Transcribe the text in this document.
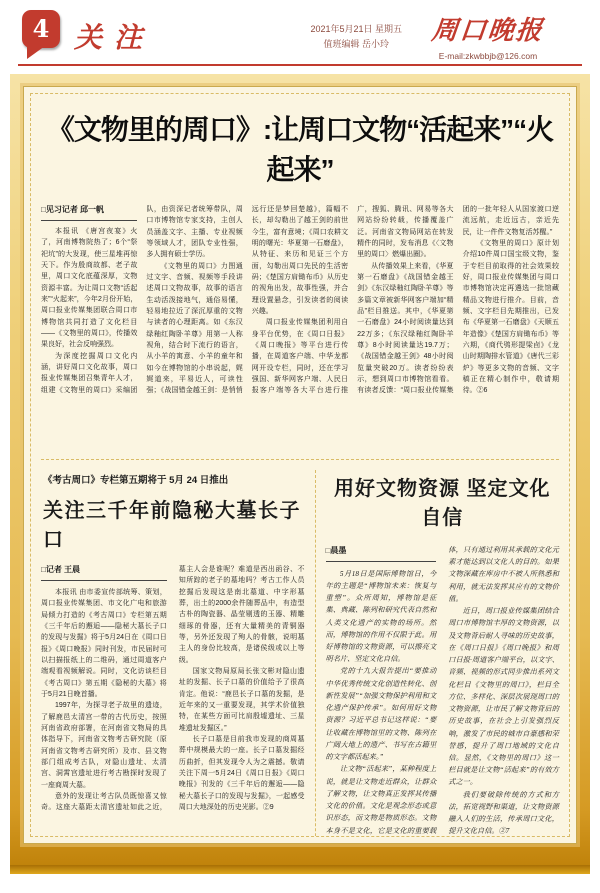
4 关注	2021年5月21日 星期五
值班编辑 岳小玲	周口晚报
E-mail:zkwbbjb@126.com
《文物里的周口》:让周口文物“活起来”“火起来”
□见习记者 邱一帆

本报讯 《唐宫夜宴》火了，河南博物院热了；6个“祭祀坑”的大发现，使三星堆再惊天下。作为殷商故都、老子故里，周口文化底蕴深厚，文物资源丰富。为让周口文物“活起来”“火起来”，今年2月份开始，周口报业传媒集团联合周口市博物馆共同打造了文化栏目——《文物里的周口》，传播效果良好，社会反响强烈。

为深度挖掘周口文化内涵，讲好周口文化故事，周口报业传媒集团召集青年人才，组建《文物里的周口》采编团队，由资深记者统筹带队，周口市博物馆专家支持，主创人员涵盖文字、主播、专业视频等领域人才，团队专业性强，多人拥有硕士学历。

《文物里的周口》力图通过文字、音频、视频等手段讲述周口文物故事，故事的语言生动活泼接地气，通俗易懂，轻易地拉近了深沉厚重的文物与读者的心理距离。如《东汉绿釉红陶卧羊尊》用第一人称视角，结合时下流行的语言，从小羊的寓意、小羊的童年和如今在博物馆的小串说起，娓娓道来，平易近人，可读性强；《战国错金越王剑：是悄悄远行还是梦回楚越》，篇幅不长，却勾勒出了越王剑的前世今生，富有意境；《周口农耕文明的曙光：华夏第一石磨盘》，从特征、来历和见证三个方面，勾勒出周口先民的生活密码；《楚国方肩锄布币》从历史的视角出发，故事性强，并合理设置悬念，引发读者的阅读兴趣。

周口报业传媒集团利用自身平台优势，在《周口日报》《周口晚报》等平台进行传播，在周道客户端、中华龙都网开设专栏，同时，还在学习强国、新华网客户端、人民日报客户端等各大平台进行推广，搜狐、腾讯、网易等各大网站纷纷转载，传播覆盖广泛。河南省文物局网站在转发精件的同时，发布消息《〈文物里的周口〉燃爆出圈》。

从传播效果上来看，《华夏第一石磨盘》《战国错金越王剑》《东汉绿釉红陶卧羊尊》等多篇文章被新华网客户端加“精品”栏目推送。其中，《华夏第一石磨盘》24小时阅读量达到22万多；《东汉绿釉红陶卧羊尊》8小时阅读量达19.7万；《战国错金越王剑》48小时阅览量突破20万。读者纷纷表示，想到周口市博物馆看看。有读者反馈：“周口报业传媒集团的一批年轻人从国家渡口逆流远航，走近远古，亲近先民，让一件件文物复活苏醒。”

《文物里的周口》原计划介绍10件周口国宝级文物，鉴于专栏目前取得的社会效果较好，周口报业传媒集团与周口市博物馆决定再遴选一批馆藏精品文物进行推介。目前，音频、文字栏目先期推出，已发布《华夏第一石磨盘》《天顺五年造像》《楚国方肩锄布币》等六期，《商代鸮形提梁卣》《龙山时期陶排水管道》《唐代三彩炉》等更多文物的音频、文字稿正在精心制作中，敬请期待。②6

《考古周口》专栏第五期将于 5月 24 日推出
关注三千年前隐秘大墓长子口
□记者 王晨

本报讯 由市委宣传部统筹、策划，周口报业传媒集团、市文化广电和旅游局倾力打造的《考古周口》专栏第五期《三千年后的邂逅——隐秘大墓长子口的发现与发掘》将于5月24日在《周口日报》《周口晚报》同时刊发，市民届时可以扫描报纸上的二维码，通过周道客户端观看视频解说。同时，文化访谈栏目《考古周口》第五期《隐秘的大墓》将于5月21日晚首播。

1997年，为探寻老子故里的遗迹，了解鹿邑太清宫一带的古代历史，按照河南省政府部署，在河南省文物局的具体指导下，河南省文物考古研究院（原河南省文物考古研究所）及市、县文物部门组成考古队，对隐山遗址、太清宫、洞霄宫遗址进行考古勘探时发现了一座商周大墓。

意外的发现让考古队员既惊喜又惊奇。这座大墓距太清宫遗址如此之近，墓主人会是谁呢？难道是西出函谷、不知所踪的老子的墓地吗？考古工作人员挖掘后发现这是南北墓道、中字形墓葬，出土的2000余件随葬品中，有造型古朴的陶瓷器、晶莹剔透的玉器、精雕细琢的骨器，还有大量精美的青铜器等，另外还发现了殉人的骨骸，说明墓主人的身份比较高，是诸侯级或以上等级。

国家文物局原局长张文彬对隐山遗址的发掘、长子口墓的价值给予了很高肯定。他说：“鹿邑长子口墓的发掘，是近年来的又一重要发现，其学术价值独特，在某些方面可比肩殷墟遗址、三星堆遗址发掘区。”

长子口墓是目前我市发现的商周墓葬中规模最大的一座。长子口墓发掘经历曲折，但其发现令人为之震撼。敬请关注下周一5月24日《周口日报》《周口晚报》刊发的《三千年后的邂逅——隐秘大墓长子口的发现与发掘》，一起感受周口大地深处的历史光影。②9

用好文物资源 坚定文化自信
□晨墨

5月18日是国际博物馆日，今年的主题是“博物馆未来：恢复与重塑”。众所周知，博物馆是征集、典藏、陈列和研究代表自然和人类文化遗产的实物的场所。然而，博物馆的作用不仅限于此。用好博物馆的文物资源，可以擦亮文明名片、坚定文化自信。

党的十九大报告提出“要推动中华优秀传统文化创造性转化、创新性发展”“加强文物保护利用和文化遗产保护传承”。如何用好文物资源？习近平总书记这样说：“要让收藏在博物馆里的文物、陈列在广阔大地上的遗产、书写在古籍里的文字都活起来。”

让文物“活起来”，某种程度上说，就是让文物走近群众，让群众了解文物，让文物真正发挥其传播文化的价值。文化是观念形态或意识形态，而文物是物质形态。文物本身不是文化，它是文化的重要载体，只有通过利用其承载的文化元素才能达到以文化人的目的。如果文物深藏在库房中不被人所熟悉和利用，就无法发挥其应有的文物价值。

近日，周口报业传媒集团结合周口市博物馆丰厚的文物资源，以及文物背后耐人寻味的历史故事，在《周口日报》《周口晚报》和周口日报·周道客户端平台，以文字、音频、视频的形式同步推出系列文化栏目《文物里的周口》，栏目全方位、多样化、深层次展现周口的文物资源，让市民了解文物背后的历史故事，在社会上引发强烈反响，激发了市民的城市自豪感和荣誉感，提升了周口地域的文化自信。显然，《文物里的周口》这一栏目就是让文物“活起来”的有效方式之一。

我们要破除传统的方式和方法，拓宽视野和渠道，让文物资源融入人们的生活，传承周口文化，提升文化自信。②7
